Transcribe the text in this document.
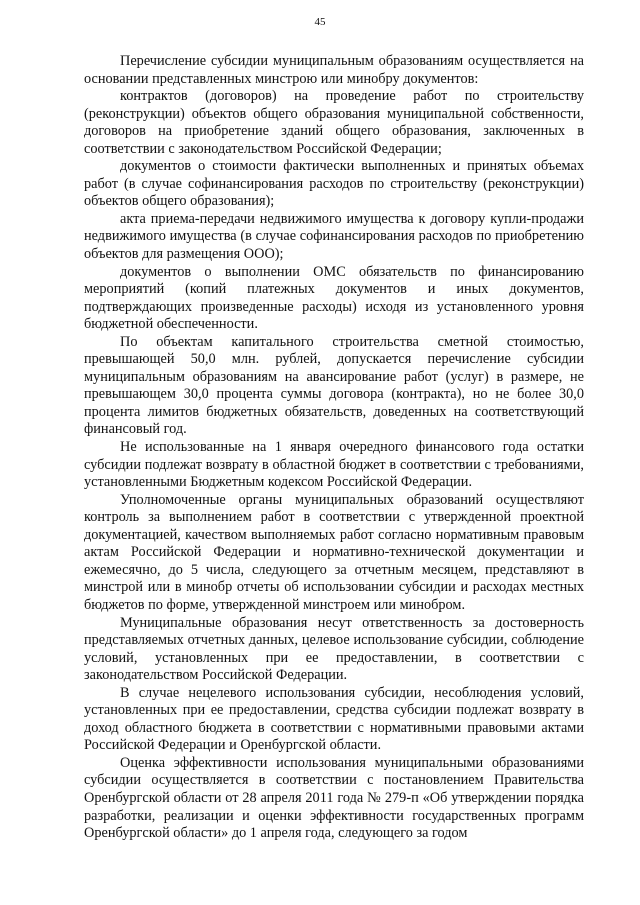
45

Перечисление субсидии муниципальным образованиям осуществляется на основании представленных минстрою или минобру документов:

контрактов (договоров) на проведение работ по строительству (реконструкции) объектов общего образования муниципальной собственности, договоров на приобретение зданий общего образования, заключенных в соответствии с законодательством Российской Федерации;

документов о стоимости фактически выполненных и принятых объемах работ (в случае софинансирования расходов по строительству (реконструкции) объектов общего образования);

акта приема-передачи недвижимого имущества к договору купли-продажи недвижимого имущества (в случае софинансирования расходов по приобретению объектов для размещения ООО);

документов о выполнении ОМС обязательств по финансированию мероприятий (копий платежных документов и иных документов, подтверждающих произведенные расходы) исходя из установленного уровня бюджетной обеспеченности.

По объектам капитального строительства сметной стоимостью, превышающей 50,0 млн. рублей, допускается перечисление субсидии муниципальным образованиям на авансирование работ (услуг) в размере, не превышающем 30,0 процента суммы договора (контракта), но не более 30,0 процента лимитов бюджетных обязательств, доведенных на соответствующий финансовый год.

Не использованные на 1 января очередного финансового года остатки субсидии подлежат возврату в областной бюджет в соответствии с требованиями, установленными Бюджетным кодексом Российской Федерации.

Уполномоченные органы муниципальных образований осуществляют контроль за выполнением работ в соответствии с утвержденной проектной документацией, качеством выполняемых работ согласно нормативным правовым актам Российской Федерации и нормативно-технической документации и ежемесячно, до 5 числа, следующего за отчетным месяцем, представляют в минстрой или в минобр отчеты об использовании субсидии и расходах местных бюджетов по форме, утвержденной минстроем или минобром.

Муниципальные образования несут ответственность за достоверность представляемых отчетных данных, целевое использование субсидии, соблюдение условий, установленных при ее предоставлении, в соответствии с законодательством Российской Федерации.

В случае нецелевого использования субсидии, несоблюдения условий, установленных при ее предоставлении, средства субсидии подлежат возврату в доход областного бюджета в соответствии с нормативными правовыми актами Российской Федерации и Оренбургской области.

Оценка эффективности использования муниципальными образованиями субсидии осуществляется в соответствии с постановлением Правительства Оренбургской области от 28 апреля 2011 года № 279-п «Об утверждении порядка разработки, реализации и оценки эффективности государственных программ Оренбургской области» до 1 апреля года, следующего за годом
